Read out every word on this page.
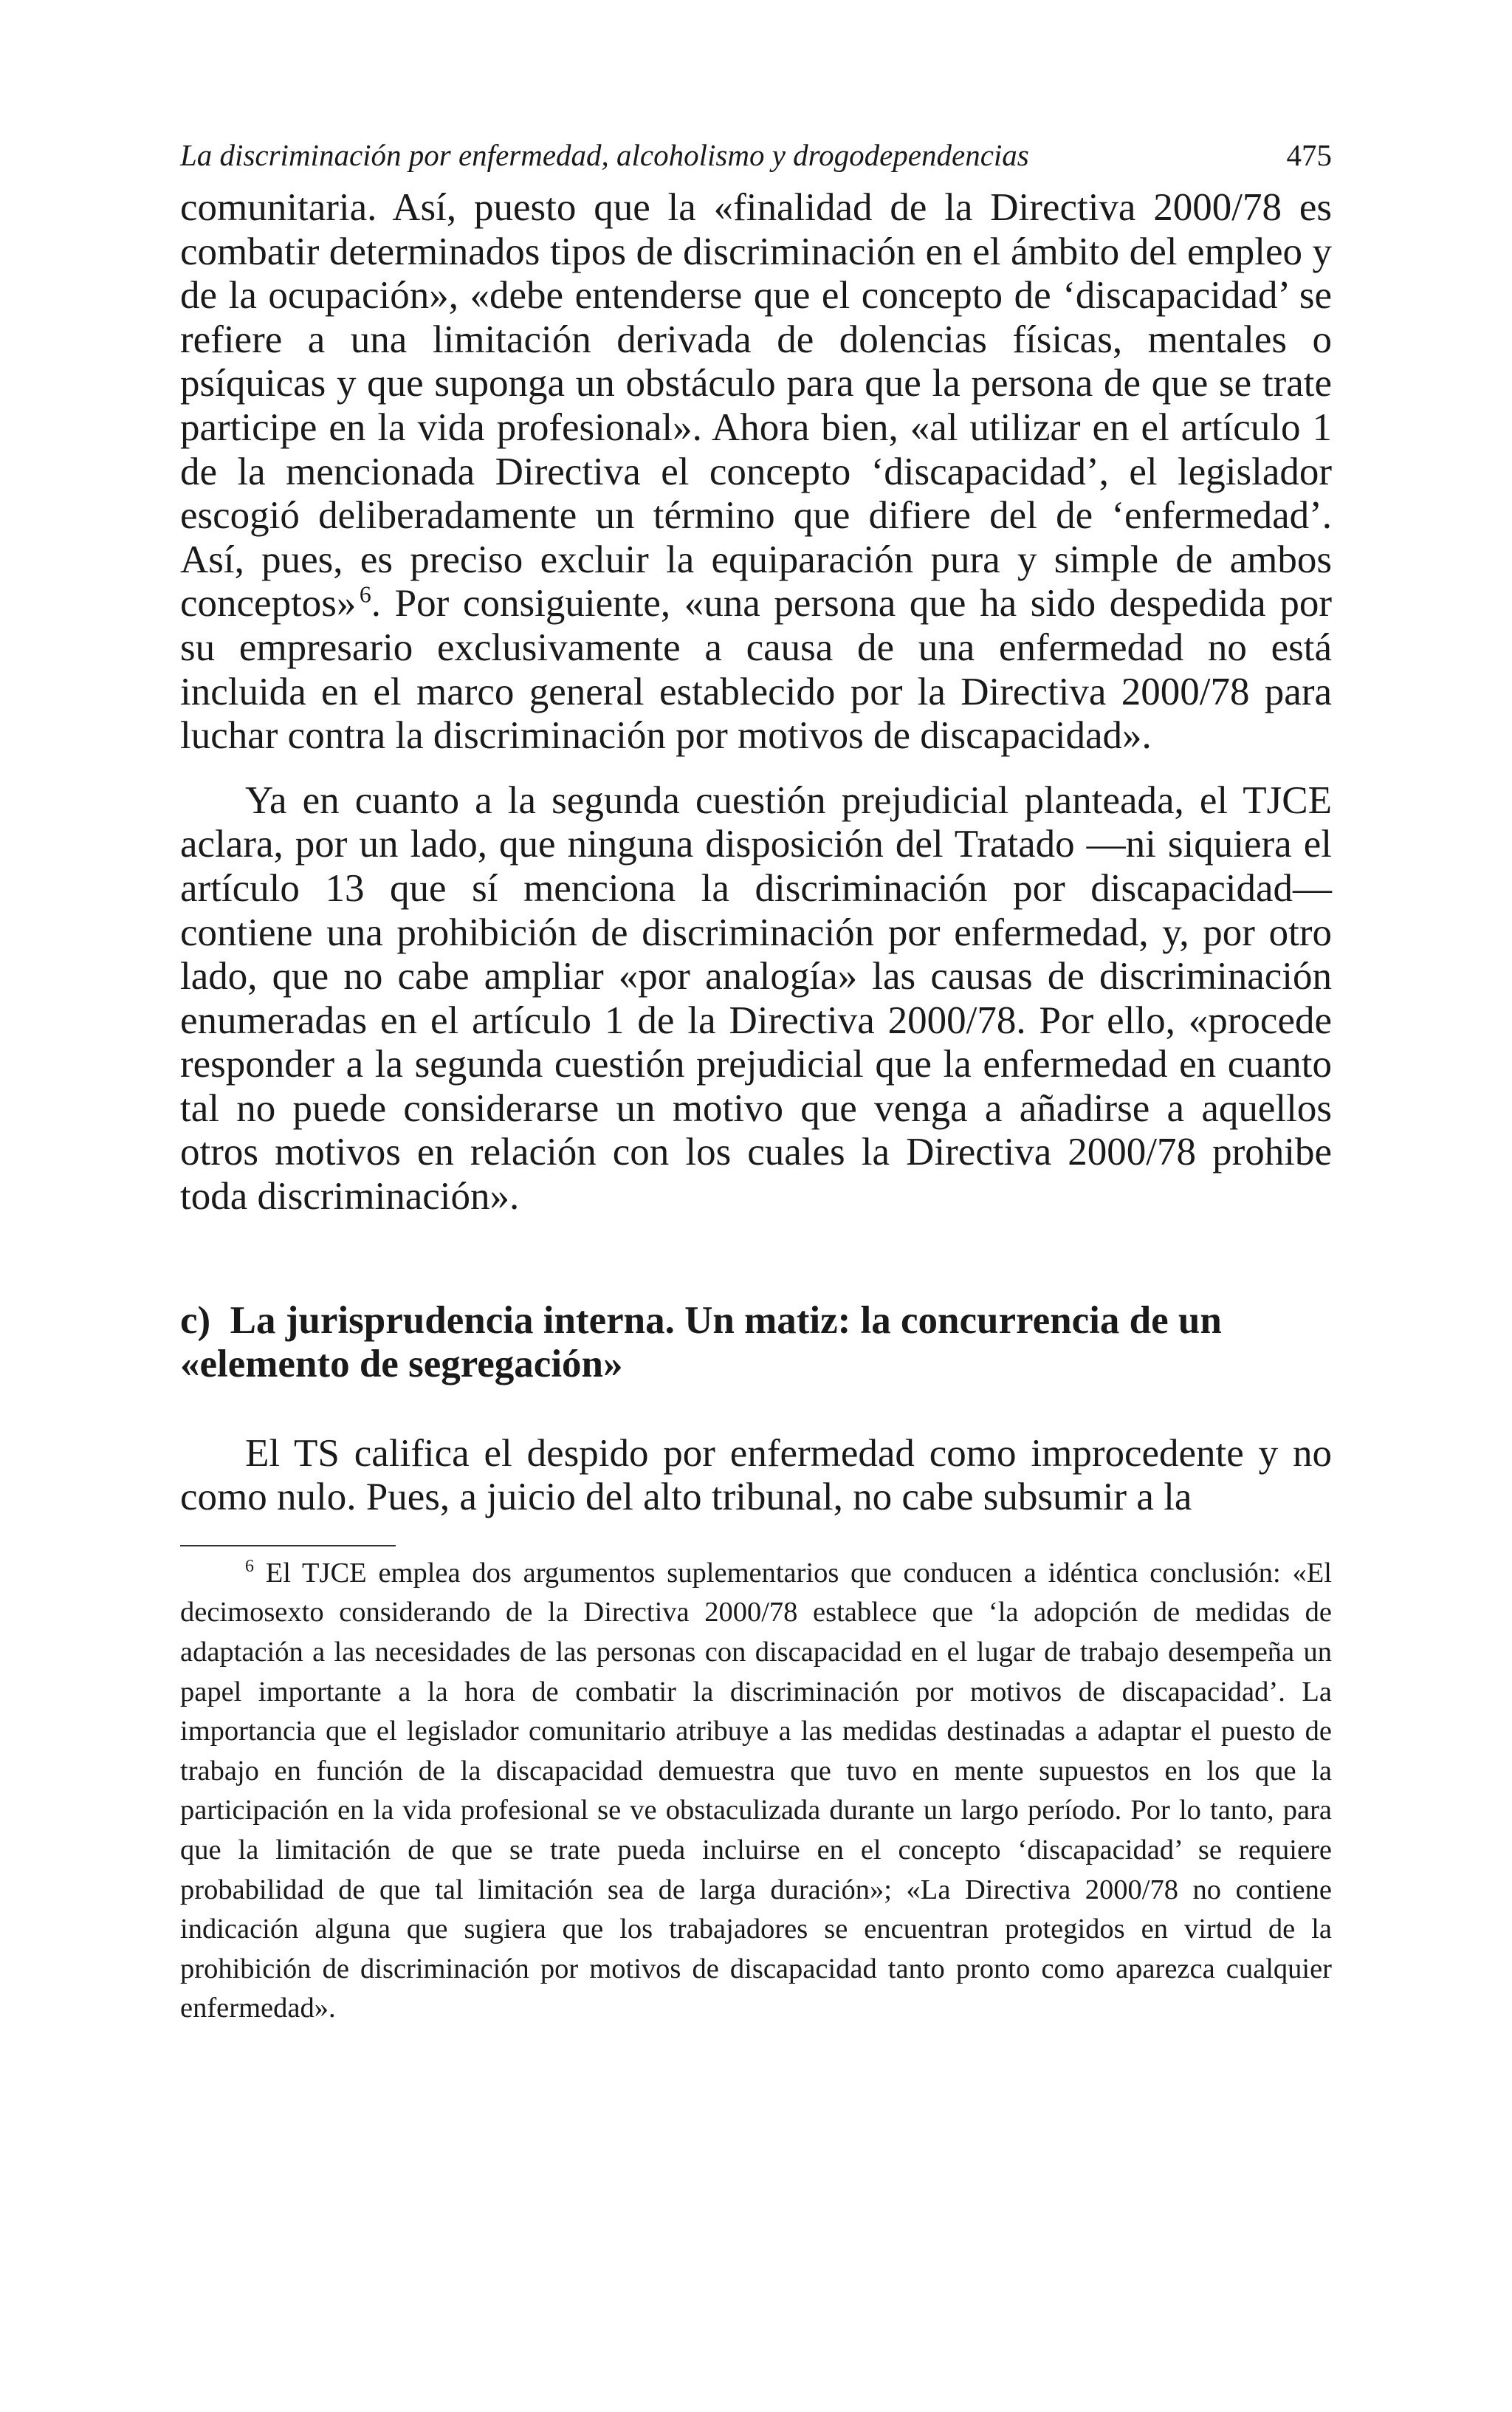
La discriminación por enfermedad, alcoholismo y drogodependencias	475

comunitaria. Así, puesto que la «finalidad de la Directiva 2000/78 es combatir determinados tipos de discriminación en el ámbito del empleo y de la ocupación», «debe entenderse que el concepto de ‘discapacidad’ se refiere a una limitación derivada de dolencias físicas, mentales o psíquicas y que suponga un obstáculo para que la persona de que se trate participe en la vida profesional». Ahora bien, «al utilizar en el artículo 1 de la mencionada Directiva el concepto ‘discapacidad’, el legislador escogió deliberadamente un término que difiere del de ‘enfermedad’. Así, pues, es preciso excluir la equiparación pura y simple de ambos conceptos»  $^6$. Por consiguiente, «una persona que ha sido despedida por su empresario exclusivamente a causa de una enfermedad no está incluida en el marco general establecido por la Directiva 2000/78 para luchar contra la discriminación por motivos de discapacidad».

Ya en cuanto a la segunda cuestión prejudicial planteada, el TJCE aclara, por un lado, que ninguna disposición del Tratado —ni siquiera el artículo 13 que sí menciona la discriminación por discapacidad— contiene una prohibición de discriminación por enfermedad, y, por otro lado, que no cabe ampliar «por analogía» las causas de discriminación enumeradas en el artículo 1 de la Directiva 2000/78. Por ello, «procede responder a la segunda cuestión prejudicial que la enfermedad en cuanto tal no puede considerarse un motivo que venga a añadirse a aquellos otros motivos en relación con los cuales la Directiva 2000/78 prohibe toda discriminación».

c)  La jurisprudencia interna. Un matiz: la concurrencia de un
«elemento de segregación»

El TS califica el despido por enfermedad como improcedente y no como nulo. Pues, a juicio del alto tribunal, no cabe subsumir a la

$^6$ El TJCE emplea dos argumentos suplementarios que conducen a idéntica conclusión: «El decimosexto considerando de la Directiva 2000/78 establece que ‘la adopción de medidas de adaptación a las necesidades de las personas con discapacidad en el lugar de trabajo desempeña un papel importante a la hora de combatir la discriminación por motivos de discapacidad’. La importancia que el legislador comunitario atribuye a las medidas destinadas a adaptar el puesto de trabajo en función de la discapacidad demuestra que tuvo en mente supuestos en los que la participación en la vida profesional se ve obstaculizada durante un largo período. Por lo tanto, para que la limitación de que se trate pueda incluirse en el concepto ‘discapacidad’ se requiere probabilidad de que tal limitación sea de larga duración»; «La Directiva 2000/78 no contiene indicación alguna que sugiera que los trabajadores se encuentran protegidos en virtud de la prohibición de discriminación por motivos de discapacidad tanto pronto como aparezca cualquier enfermedad».
